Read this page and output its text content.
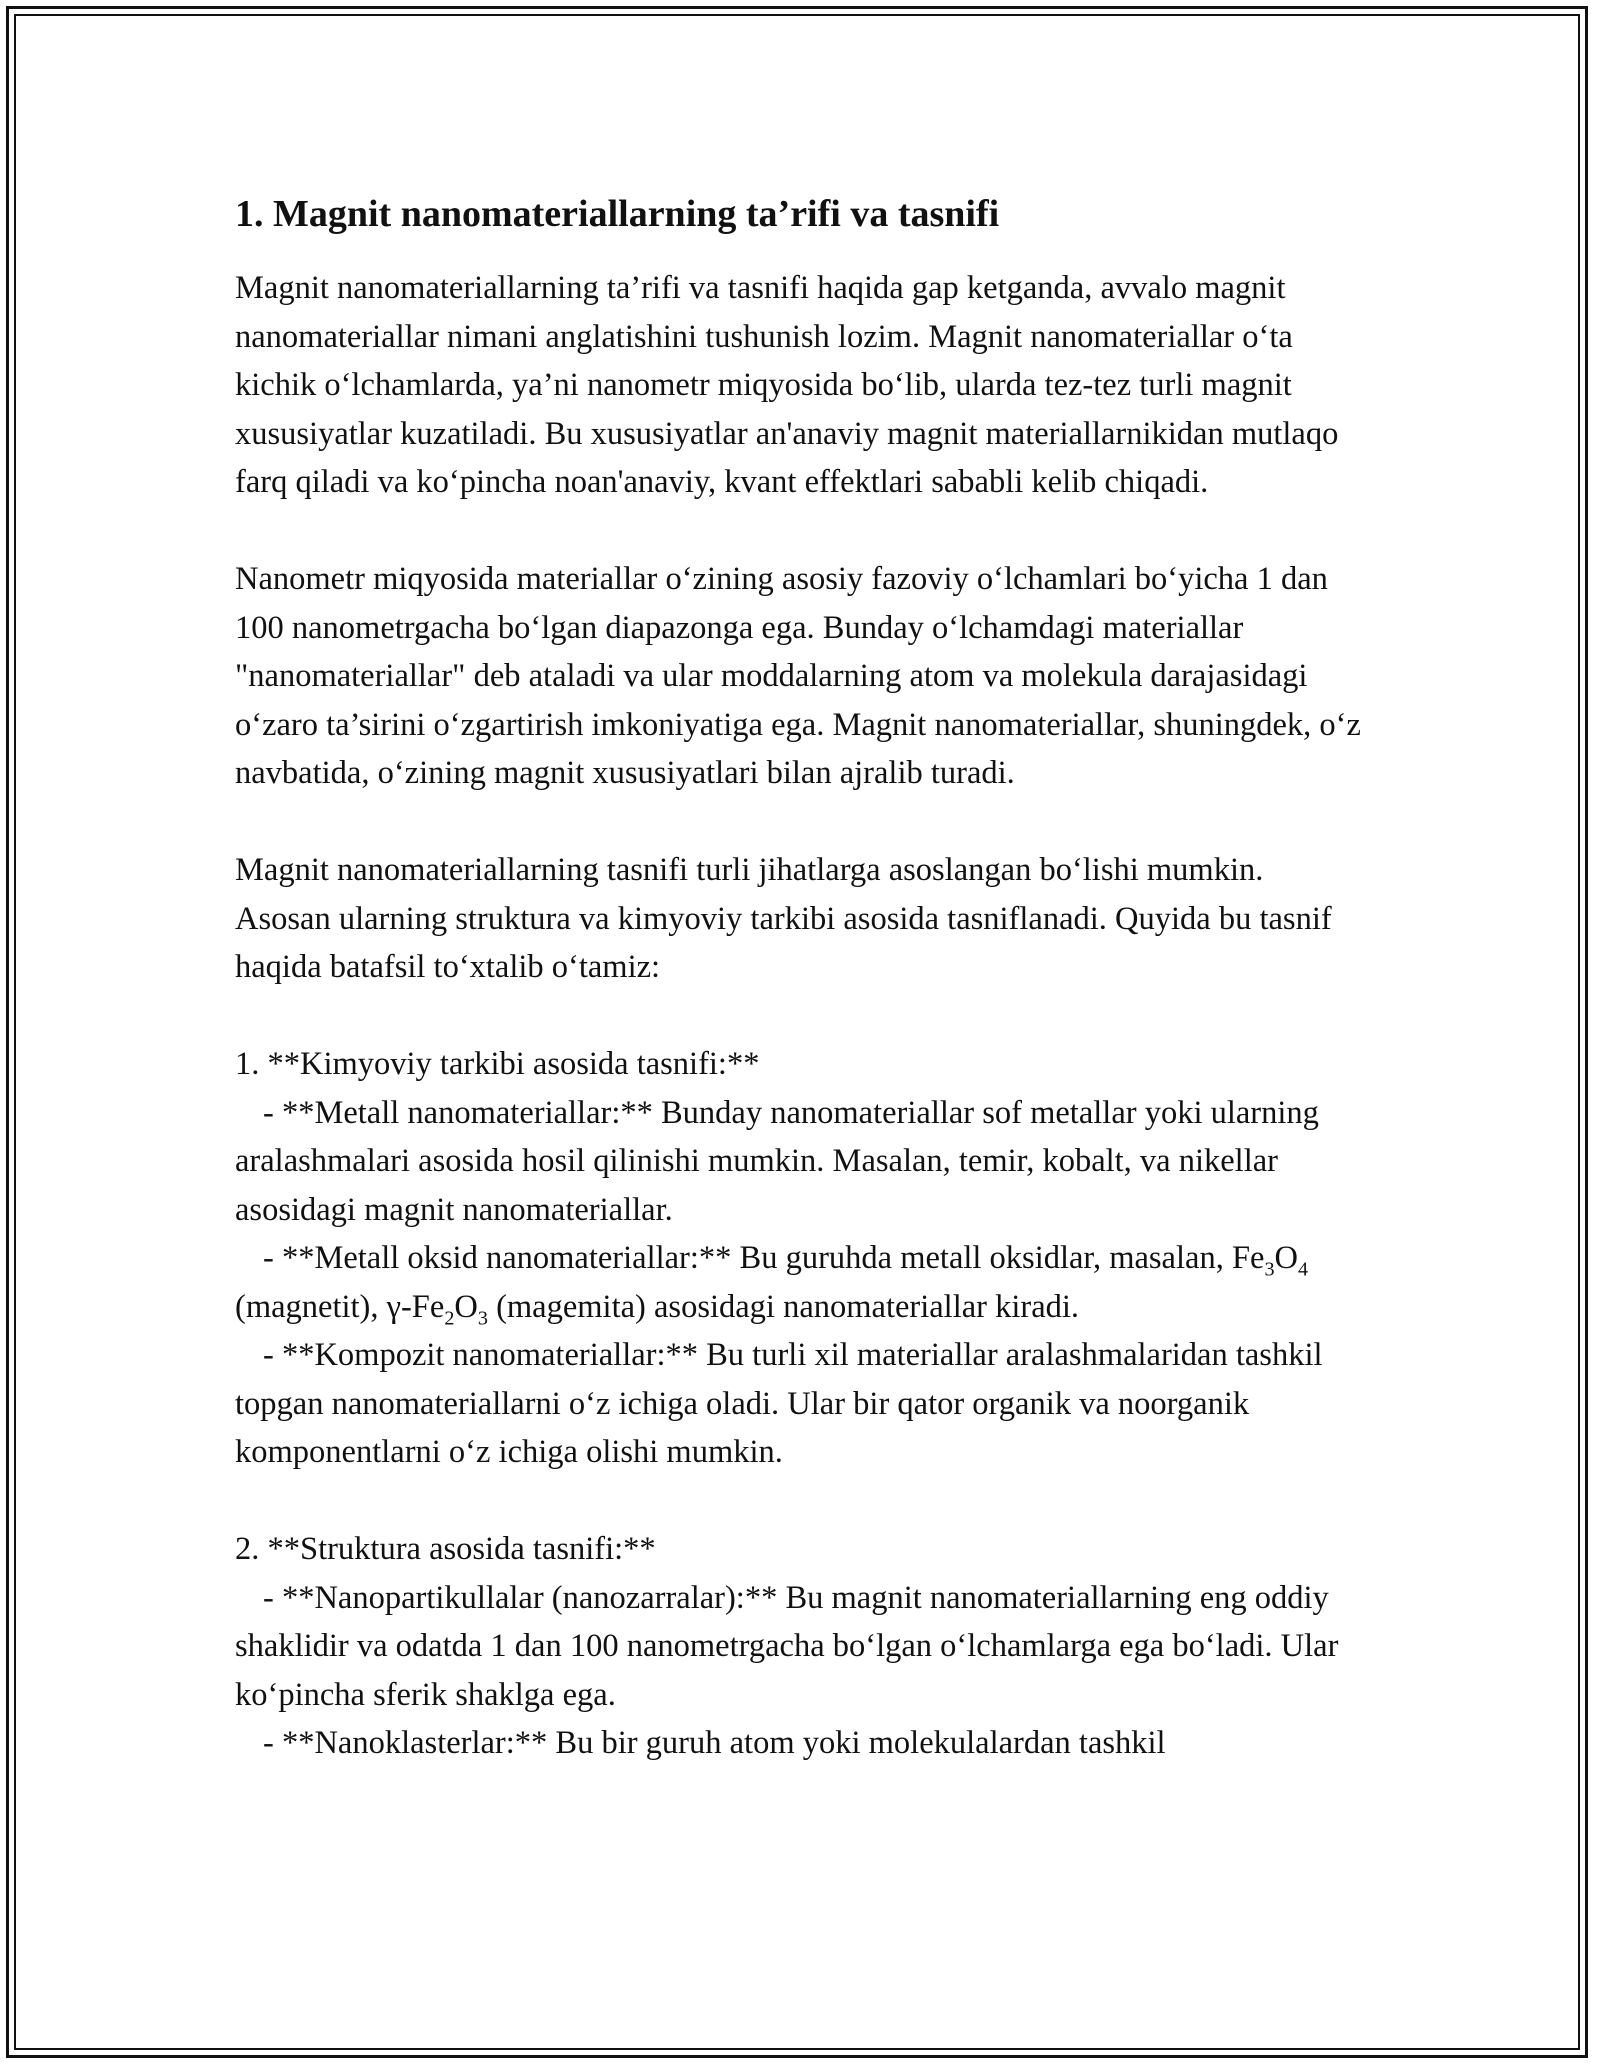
1. Magnit nanomateriallarning ta’rifi va tasnifi

Magnit nanomateriallarning ta’rifi va tasnifi haqida gap ketganda, avvalo magnit nanomateriallar nimani anglatishini tushunish lozim. Magnit nanomateriallar o‘ta kichik o‘lchamlarda, ya’ni nanometr miqyosida bo‘lib, ularda tez-tez turli magnit xususiyatlar kuzatiladi. Bu xususiyatlar an'anaviy magnit materiallarnikidan mutlaqo farq qiladi va ko‘pincha noan'anaviy, kvant effektlari sababli kelib chiqadi.

Nanometr miqyosida materiallar o‘zining asosiy fazoviy o‘lchamlari bo‘yicha 1 dan 100 nanometrgacha bo‘lgan diapazonga ega. Bunday o‘lchamdagi materiallar "nanomateriallar" deb ataladi va ular moddalarning atom va molekula darajasidagi o‘zaro ta’sirini o‘zgartirish imkoniyatiga ega. Magnit nanomateriallar, shuningdek, o‘z navbatida, o‘zining magnit xususiyatlari bilan ajralib turadi.

Magnit nanomateriallarning tasnifi turli jihatlarga asoslangan bo‘lishi mumkin. Asosan ularning struktura va kimyoviy tarkibi asosida tasniflanadi. Quyida bu tasnif haqida batafsil to‘xtalib o‘tamiz:

1. **Kimyoviy tarkibi asosida tasnifi:**
- **Metall nanomateriallar:** Bunday nanomateriallar sof metallar yoki ularning aralashmalari asosida hosil qilinishi mumkin. Masalan, temir, kobalt, va nikellar asosidagi magnit nanomateriallar.
- **Metall oksid nanomateriallar:** Bu guruhda metall oksidlar, masalan, $Fe_3O_4$ (magnetit), $\gamma-Fe_2O_3$ (magemita) asosidagi nanomateriallar kiradi.
- **Kompozit nanomateriallar:** Bu turli xil materiallar aralashmalaridan tashkil topgan nanomateriallarni o‘z ichiga oladi. Ular bir qator organik va noorganik komponentlarni o‘z ichiga olishi mumkin.
2. **Struktura asosida tasnifi:**
- **Nanopartikullalar (nanozarralar):** Bu magnit nanomateriallarning eng oddiy shaklidir va odatda 1 dan 100 nanometrgacha bo‘lgan o‘lchamlarga ega bo‘ladi. Ular ko‘pincha sferik shaklga ega.
- **Nanoklasterlar:** Bu bir guruh atom yoki molekulalardan tashkil
